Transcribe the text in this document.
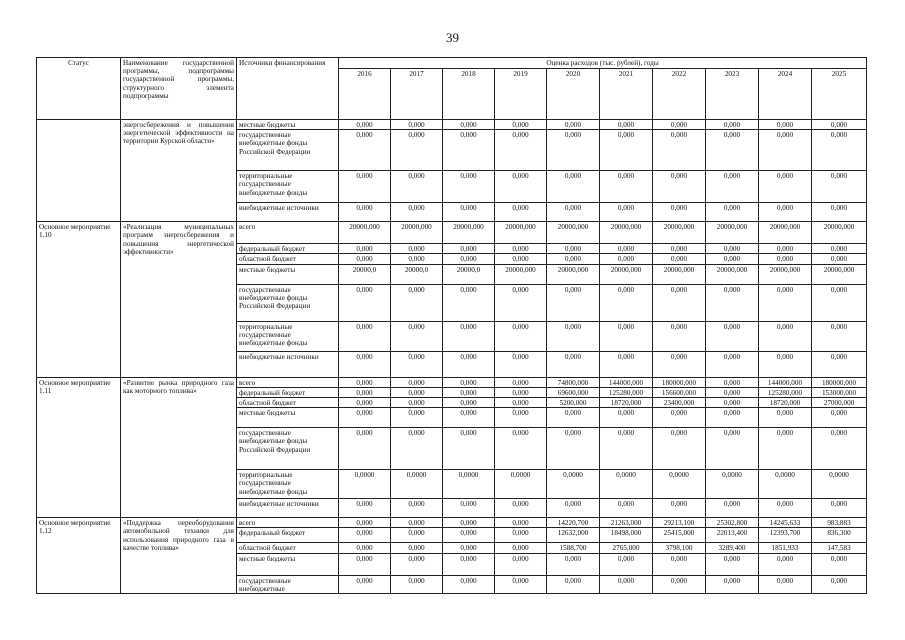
39
Статус	Наименование государственной программы, подпрограммы государственной программы, структурного элемента подпрограммы	Источники финансирования	Оценка расходов (тыс. рублей), годы									
			2016	2017	2018	2019	2020	2021	2022	2023	2024	2025
	энергосбережения и повышения энергетической эффективности на территории Курской области»	местные бюджеты	0,000	0,000	0,000	0,000	0,000	0,000	0,000	0,000	0,000	0,000
		государственные внебюджетные фонды Российской Федерации	0,000	0,000	0,000	0,000	0,000	0,000	0,000	0,000	0,000	0,000
		территориальные государственные внебюджетные фонды	0,000	0,000	0,000	0,000	0,000	0,000	0,000	0,000	0,000	0,000
		внебюджетные источники	0,000	0,000	0,000	0,000	0,000	0,000	0,000	0,000	0,000	0,000
Основное мероприятие 1.10	«Реализация муниципальных программ энергосбережения и повышения энергетической эффективности»	всего	20000,000	20000,000	20000,000	20000,000	20000,000	20000,000	20000,000	20000,000	20000,000	20000,000
		федеральный бюджет	0,000	0,000	0,000	0,000	0,000	0,000	0,000	0,000	0,000	0,000
		областной бюджет	0,000	0,000	0,000	0,000	0,000	0,000	0,000	0,000	0,000	0,000
		местные бюджеты	20000,0	20000,0	20000,0	20000,000	20000,000	20000,000	20000,000	20000,000	20000,000	20000,000
		государственные внебюджетные фонды Российской Федерации	0,000	0,000	0,000	0,000	0,000	0,000	0,000	0,000	0,000	0,000
		территориальные государственные внебюджетные фонды	0,000	0,000	0,000	0,000	0,000	0,000	0,000	0,000	0,000	0,000
		внебюджетные источники	0,000	0,000	0,000	0,000	0,000	0,000	0,000	0,000	0,000	0,000
Основное мероприятие 1.11	«Развитие рынка природного газа как моторного топлива»	всего	0,000	0,000	0,000	0,000	74800,000	144000,000	180000,000	0,000	144000,000	180000,000
		федеральный бюджет	0,000	0,000	0,000	0,000	69600,000	125280,000	156600,000	0,000	125280,000	153000,000
		областной бюджет	0,000	0,000	0,000	0,000	5200,000	18720,000	23400,000	0,000	18720,000	27000,000
		местные бюджеты	0,000	0,000	0,000	0,000	0,000	0,000	0,000	0,000	0,000	0,000
		государственные внебюджетные фонды Российской Федерации	0,000	0,000	0,000	0,000	0,000	0,000	0,000	0,000	0,000	0,000
		территориальные государственные внебюджетные фонды	0,0000	0,0000	0,0000	0,0000	0,0000	0,0000	0,0000	0,0000	0,0000	0,0000
		внебюджетные источники	0,000	0,000	0,000	0,000	0,000	0,000	0,000	0,000	0,000	0,000
Основное мероприятие 1.12	«Поддержка переоборудования автомобильной техники для использования природного газа в качестве топлива»	всего	0,000	0,000	0,000	0,000	14220,700	21263,000	29213,100	25302,800	14245,633	983,883
		федеральный бюджет	0,000	0,000	0,000	0,000	12632,000	18498,000	25415,000	22013,400	12393,700	836,300
		областной бюджет	0,000	0,000	0,000	0,000	1588,700	2765,000	3798,100	3289,400	1851,933	147,583
		местные бюджеты	0,000	0,000	0,000	0,000	0,000	0,000	0,000	0,000	0,000	0,000
		государственные внебюджетные	0,000	0,000	0,000	0,000	0,000	0,000	0,000	0,000	0,000	0,000
